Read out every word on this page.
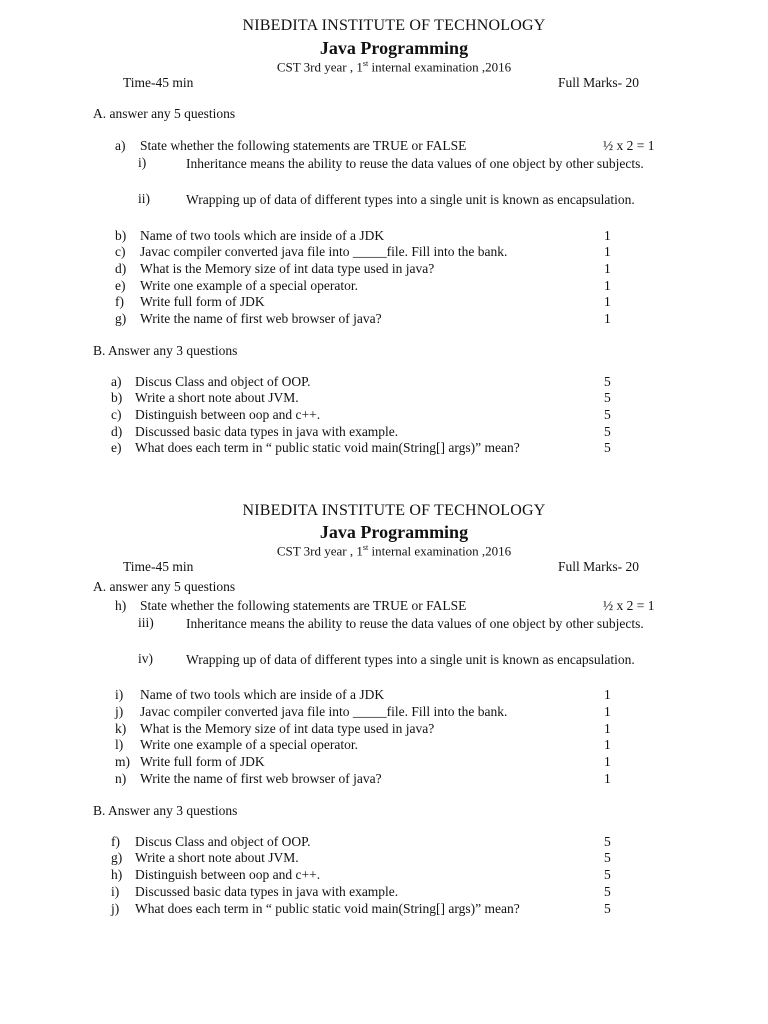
NIBEDITA INSTITUTE OF TECHNOLOGY
Java Programming
CST 3rd year , 1st internal examination ,2016
Time-45 min	Full Marks- 20
A. answer any 5 questions
a) State whether the following statements are TRUE or FALSE	½ x 2 = 1
i)	Inheritance means the ability to reuse the data values of one object by other subjects.
ii)	Wrapping up of data of different types into a single unit is known as encapsulation.
b) Name of two tools which are inside of a JDK	1
c) Javac compiler converted java file into _____file. Fill into the bank.	1
d) What is the Memory size of int data type used in java?	1
e) Write one example of a special operator.	1
f) Write full form of JDK	1
g) Write the name of first web browser of java?	1
B. Answer any 3 questions
a) Discus Class and object of OOP.	5
b) Write a short note about JVM.	5
c) Distinguish between oop and c++.	5
d) Discussed basic data types in java with example.	5
e) What does each term in “ public static void main(String[] args)” mean?	5
NIBEDITA INSTITUTE OF TECHNOLOGY
Java Programming
CST 3rd year , 1st internal examination ,2016
Time-45 min	Full Marks- 20
A. answer any 5 questions
h) State whether the following statements are TRUE or FALSE	½ x 2 = 1
iii) Inheritance means the ability to reuse the data values of one object by other subjects.
iv) Wrapping up of data of different types into a single unit is known as encapsulation.
i) Name of two tools which are inside of a JDK	1
j) Javac compiler converted java file into _____file. Fill into the bank.	1
k) What is the Memory size of int data type used in java?	1
l) Write one example of a special operator.	1
m) Write full form of JDK	1
n) Write the name of first web browser of java?	1
B. Answer any 3 questions
f) Discus Class and object of OOP.	5
g) Write a short note about JVM.	5
h) Distinguish between oop and c++.	5
i) Discussed basic data types in java with example.	5
j) What does each term in “ public static void main(String[] args)” mean?	5
